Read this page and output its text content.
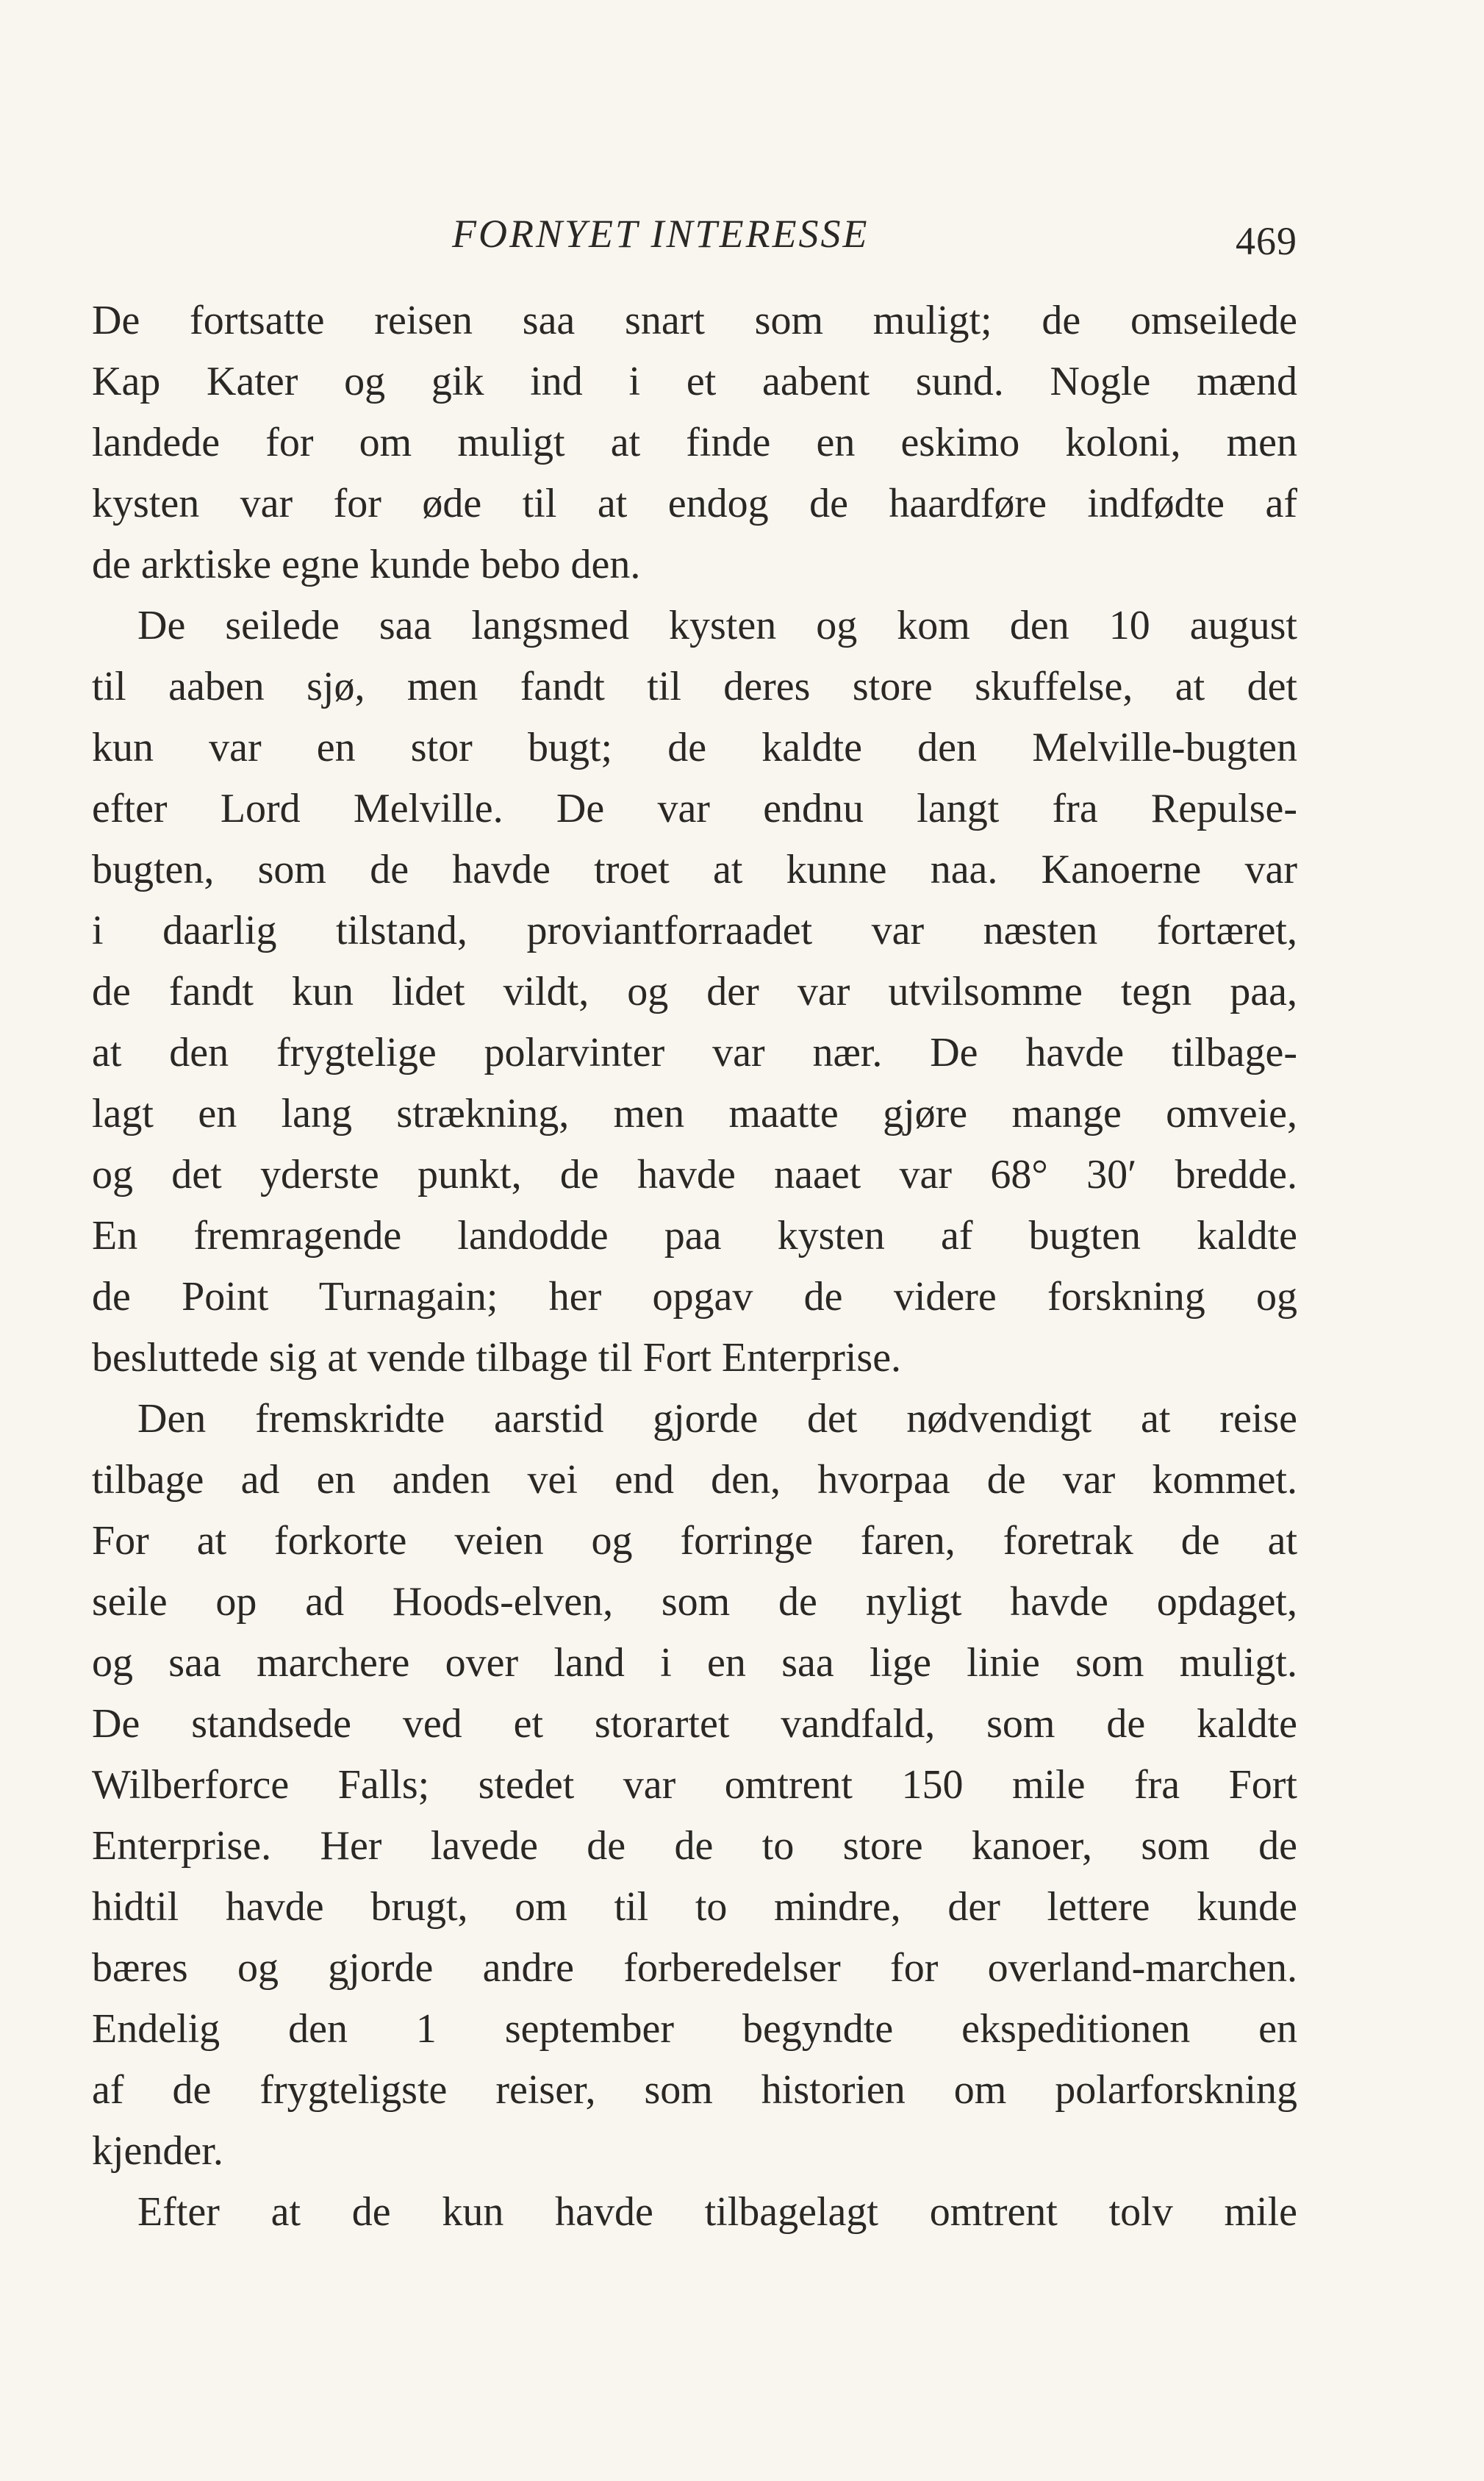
FORNYET INTERESSE	469
De fortsatte reisen saa snart som muligt; de omseilede
Kap Kater og gik ind i et aabent sund. Nogle mænd
landede for om muligt at finde en eskimo koloni, men
kysten var for øde til at endog de haardføre indfødte af
de arktiske egne kunde bebo den.
De seilede saa langsmed kysten og kom den 10 august
til aaben sjø, men fandt til deres store skuffelse, at det
kun var en stor bugt; de kaldte den Melville-bugten
efter Lord Melville. De var endnu langt fra Repulse-
bugten, som de havde troet at kunne naa. Kanoerne var
i daarlig tilstand, proviantforraadet var næsten fortæret,
de fandt kun lidet vildt, og der var utvilsomme tegn paa,
at den frygtelige polarvinter var nær. De havde tilbage-
lagt en lang strækning, men maatte gjøre mange omveie,
og det yderste punkt, de havde naaet var 68° 30′ bredde.
En fremragende landodde paa kysten af bugten kaldte
de Point Turnagain; her opgav de videre forskning og
besluttede sig at vende tilbage til Fort Enterprise.
Den fremskridte aarstid gjorde det nødvendigt at reise
tilbage ad en anden vei end den, hvorpaa de var kommet.
For at forkorte veien og forringe faren, foretrak de at
seile op ad Hoods-elven, som de nyligt havde opdaget,
og saa marchere over land i en saa lige linie som muligt.
De standsede ved et storartet vandfald, som de kaldte
Wilberforce Falls; stedet var omtrent 150 mile fra Fort
Enterprise. Her lavede de de to store kanoer, som de
hidtil havde brugt, om til to mindre, der lettere kunde
bæres og gjorde andre forberedelser for overland-marchen.
Endelig den 1 september begyndte ekspeditionen en
af de frygteligste reiser, som historien om polarforskning
kjender.
Efter at de kun havde tilbagelagt omtrent tolv mile
